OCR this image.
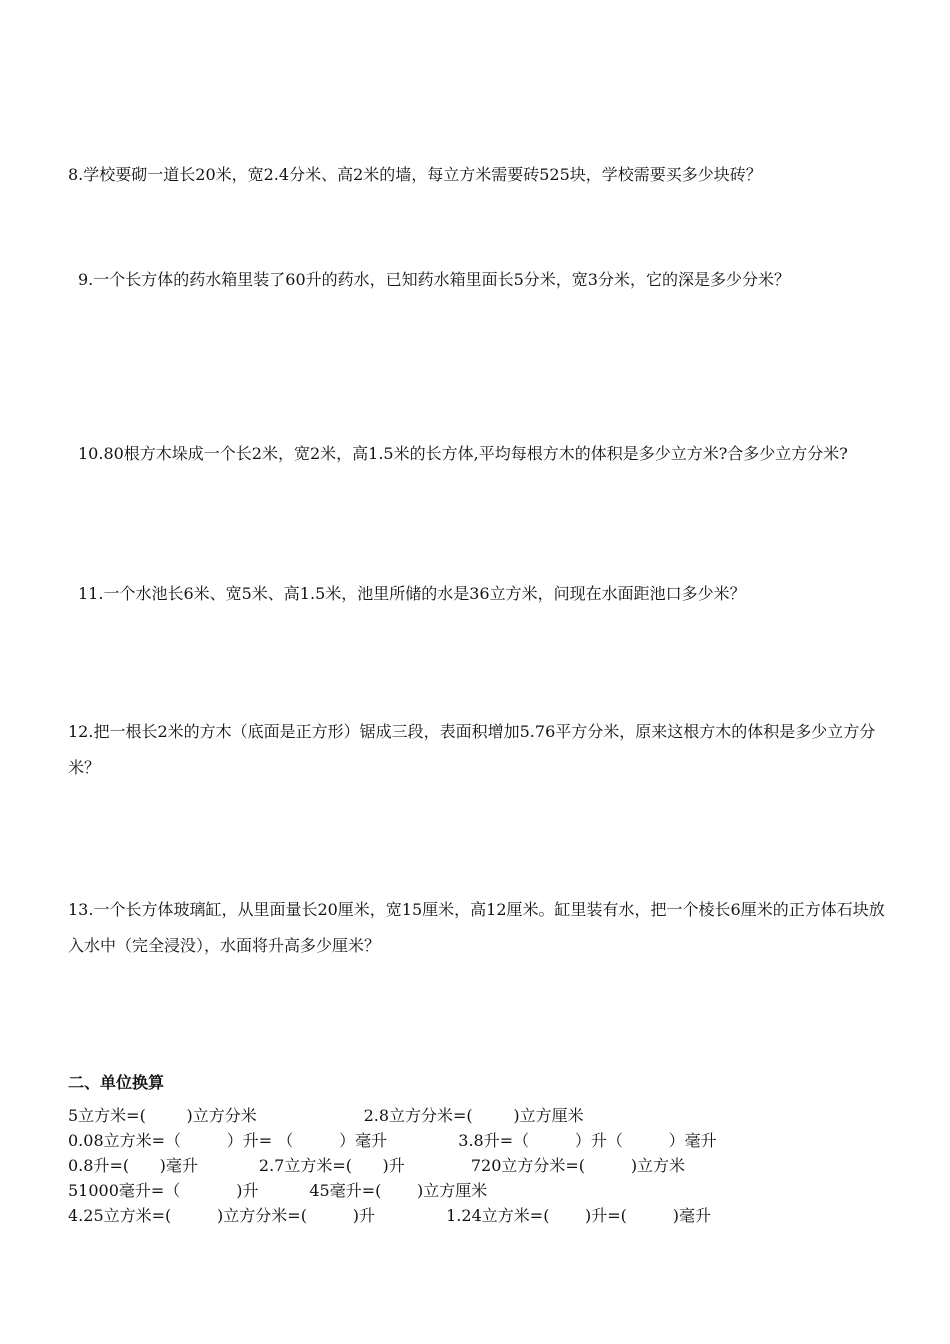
8.学校要砌一道长20米，宽2.4分米、高2米的墙，每立方米需要砖525块，学校需要买多少块砖？

9.一个长方体的药水箱里装了60升的药水，已知药水箱里面长5分米，宽3分米，它的深是多少分米？

10.80根方木垛成一个长2米，宽2米，高1.5米的长方体,平均每根方木的体积是多少立方米?合多少立方分米?

11.一个水池长6米、宽5米、高1.5米，池里所储的水是36立方米，问现在水面距池口多少米？

12.把一根长2米的方木（底面是正方形）锯成三段，表面积增加5.76平方分米，原来这根方木的体积是多少立方分米？

13.一个长方体玻璃缸，从里面量长20厘米，宽15厘米，高12厘米。缸里装有水，把一个棱长6厘米的正方体石块放入水中（完全浸没），水面将升高多少厘米？

二、单位换算

5立方米=(        )立方分米                     2.8立方分米=(        )立方厘米

0.08立方米=（         ）升= （         ）毫升              3.8升=（         ）升（         ）毫升

0.8升=(      )毫升            2.7立方米=(      )升             720立方分米=(         )立方米

51000毫升=（           )升          45毫升=(       )立方厘米

4.25立方米=(         )立方分米=(         )升              1.24立方米=(       )升=(         )毫升
